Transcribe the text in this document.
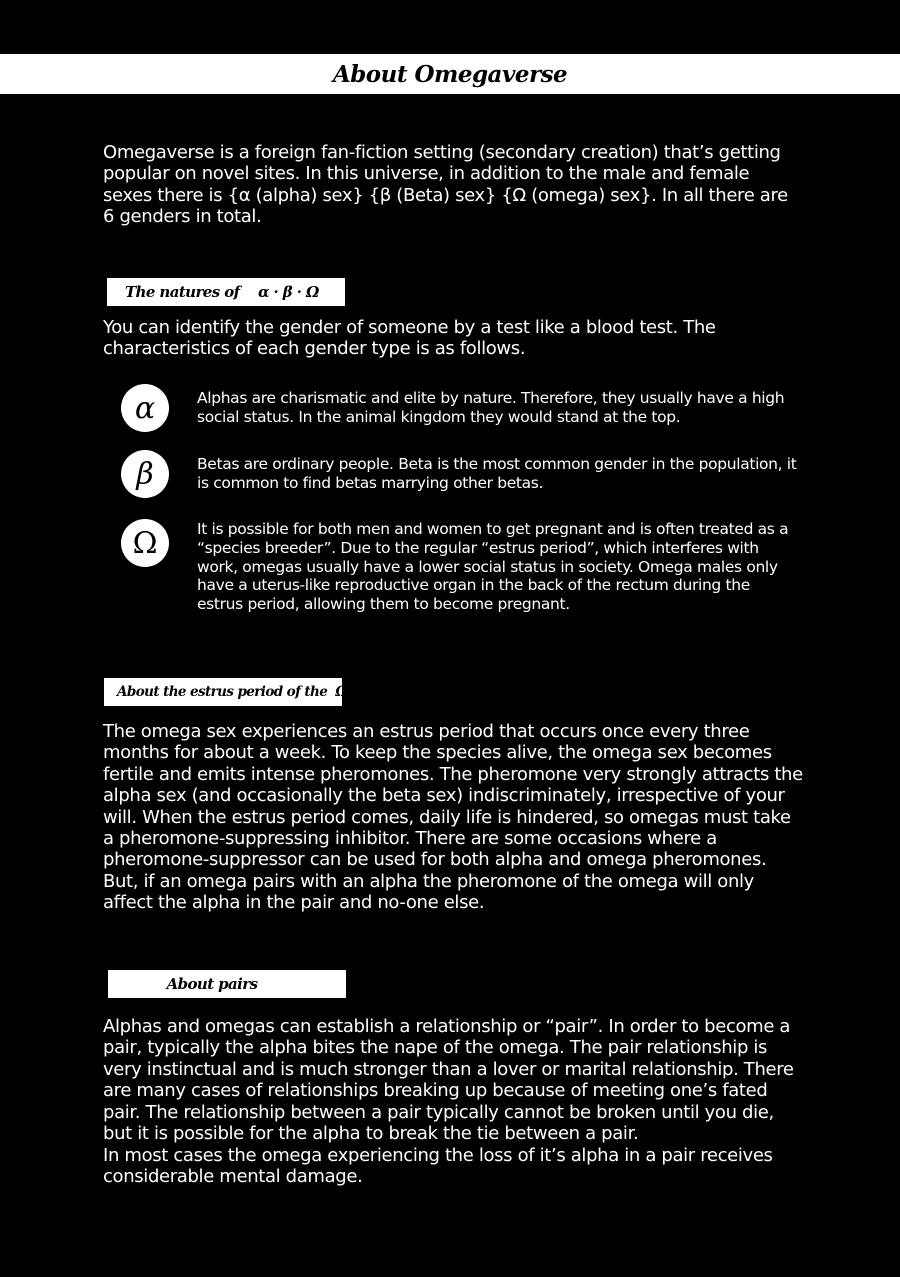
About Omegaverse

Omegaverse is a foreign fan-fiction setting (secondary creation) that’s getting popular on novel sites. In this universe, in addition to the male and female sexes there is {α (alpha) sex} {β (Beta) sex} {Ω (omega) sex}. In all there are 6 genders in total.

The natures of    α · β · Ω

You can identify the gender of someone by a test like a blood test. The characteristics of each gender type is as follows.

α	Alphas are charismatic and elite by nature. Therefore, they usually have a high social status. In the animal kingdom they would stand at the top.

β	Betas are ordinary people. Beta is the most common gender in the population, it is common to find betas marrying other betas.

Ω	It is possible for both men and women to get pregnant and is often treated as a “species breeder”. Due to the regular “estrus period”, which interferes with work, omegas usually have a lower social status in society. Omega males only have a uterus-like reproductive organ in the back of the rectum during the estrus period, allowing them to become pregnant.

About the estrus period of the  Ω

The omega sex experiences an estrus period that occurs once every three months for about a week. To keep the species alive, the omega sex becomes fertile and emits intense pheromones. The pheromone very strongly attracts the alpha sex (and occasionally the beta sex) indiscriminately, irrespective of your will. When the estrus period comes, daily life is hindered, so omegas must take a pheromone-suppressing inhibitor. There are some occasions where a pheromone-suppressor can be used for both alpha and omega pheromones. But, if an omega pairs with an alpha the pheromone of the omega will only affect the alpha in the pair and no-one else.

About pairs

Alphas and omegas can establish a relationship or “pair”. In order to become a pair, typically the alpha bites the nape of the omega. The pair relationship is very instinctual and is much stronger than a lover or marital relationship. There are many cases of relationships breaking up because of meeting one’s fated pair. The relationship between a pair typically cannot be broken until you die, but it is possible for the alpha to break the tie between a pair.

In most cases the omega experiencing the loss of it’s alpha in a pair receives considerable mental damage.
